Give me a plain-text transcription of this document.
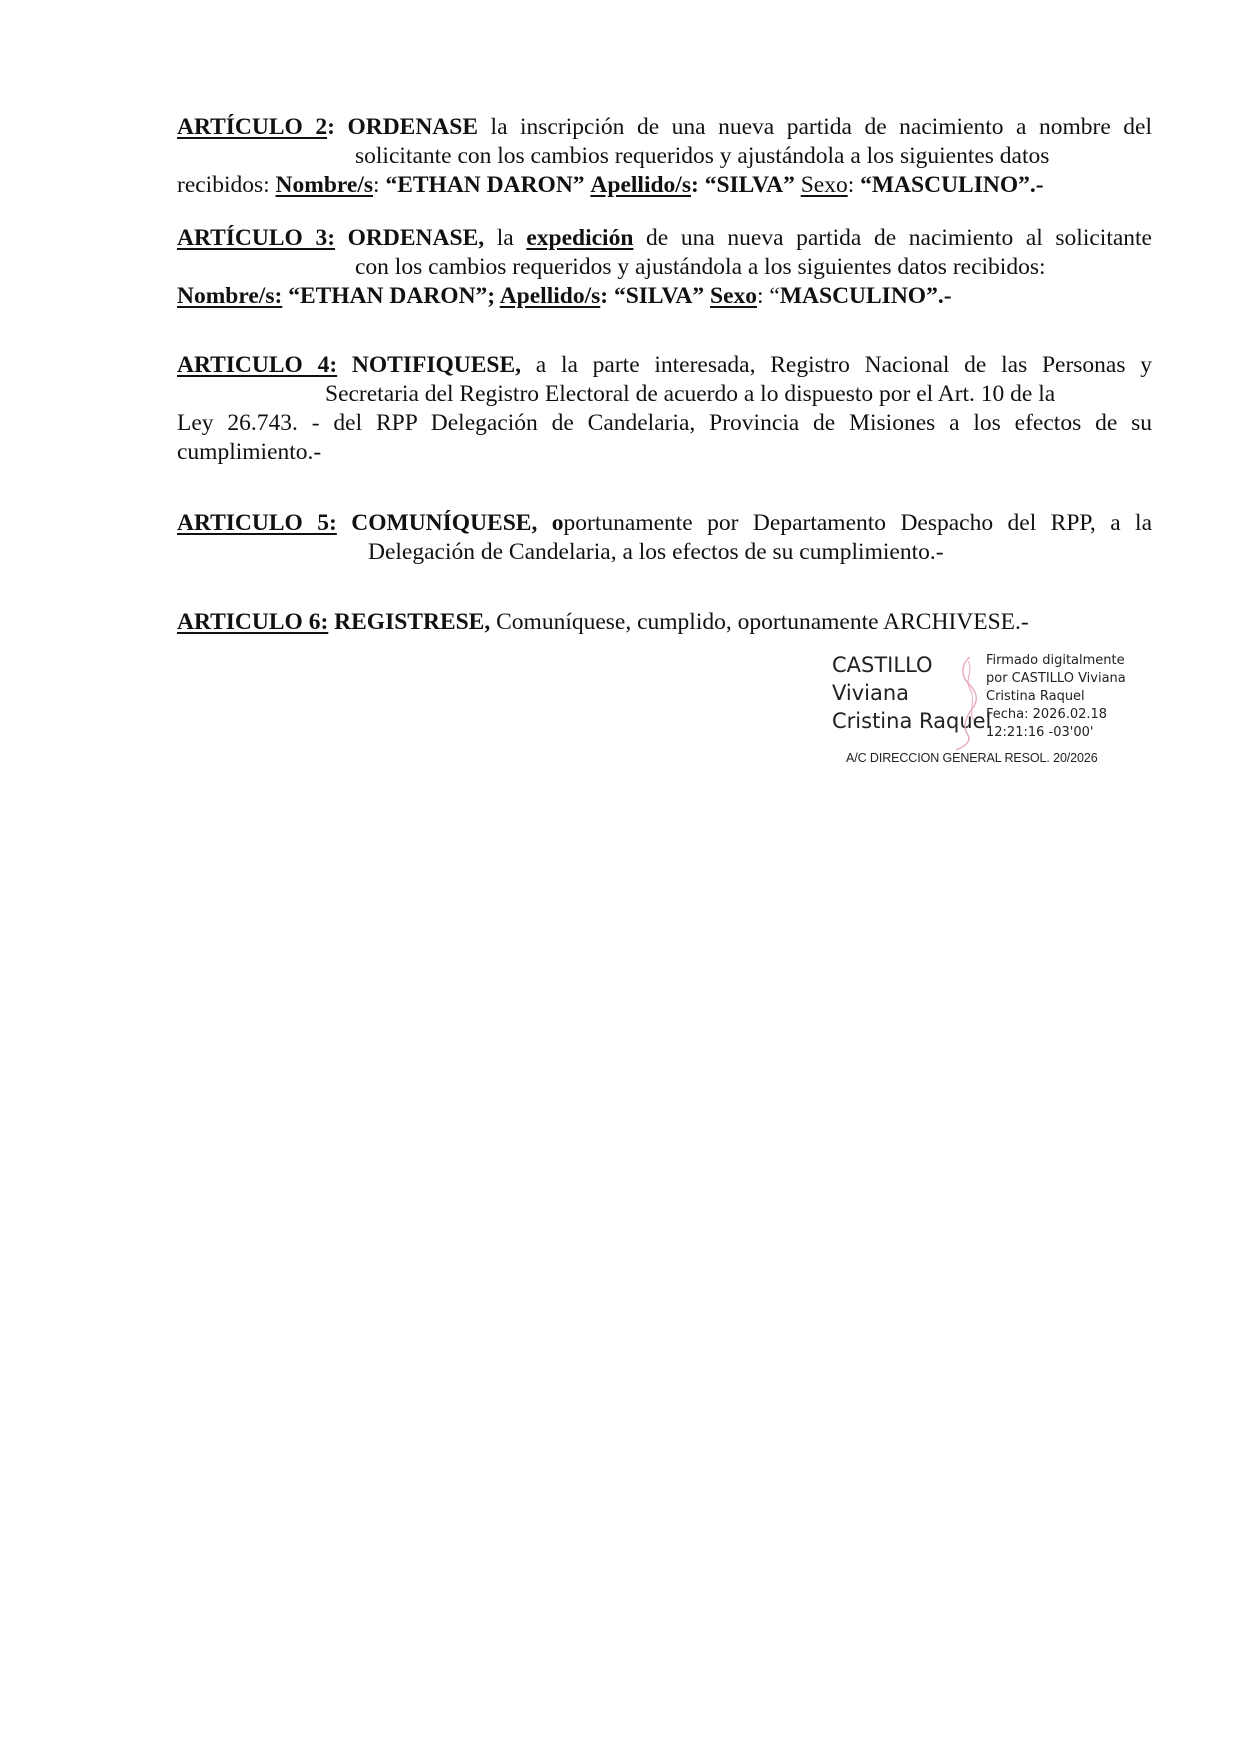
ARTÍCULO 2: ORDENASE la inscripción de una nueva partida de nacimiento a nombre del
solicitante con los cambios requeridos y ajustándola a los siguientes datos
recibidos: Nombre/s: “ETHAN DARON” Apellido/s: “SILVA” Sexo: “MASCULINO”.-
ARTÍCULO 3: ORDENASE, la expedición de una nueva partida de nacimiento al solicitante
con los cambios requeridos y ajustándola a los siguientes datos recibidos:
Nombre/s: “ETHAN DARON”; Apellido/s: “SILVA” Sexo: “MASCULINO”.-
ARTICULO 4: NOTIFIQUESE, a la parte interesada, Registro Nacional de las Personas y
Secretaria del Registro Electoral de acuerdo a lo dispuesto por el Art. 10 de la
Ley 26.743. - del RPP Delegación de Candelaria, Provincia de Misiones a los efectos de su
cumplimiento.-
ARTICULO 5: COMUNÍQUESE, oportunamente por Departamento Despacho del RPP, a la
Delegación de Candelaria, a los efectos de su cumplimiento.-
ARTICULO 6: REGISTRESE, Comuníquese, cumplido, oportunamente ARCHIVESE.-
CASTILLO
Viviana
Cristina Raquel
Firmado digitalmente
por CASTILLO Viviana
Cristina Raquel
Fecha: 2026.02.18
12:21:16 -03'00'
A/C DIRECCION GENERAL RESOL. 20/2026
